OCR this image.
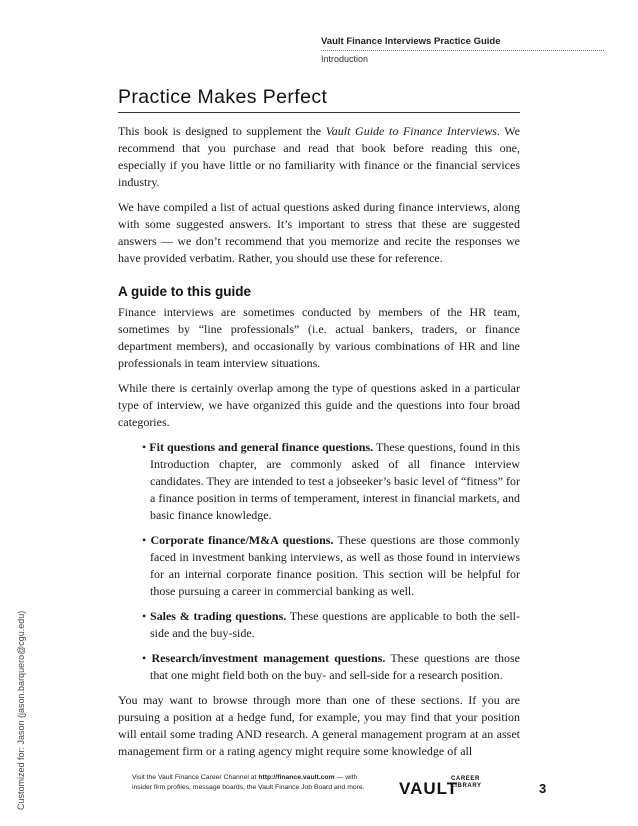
Vault Finance Interviews Practice Guide
Introduction
Customized for: Jason (jason.barquero@cgu.edu)
Practice Makes Perfect

This book is designed to supplement the Vault Guide to Finance Interviews. We recommend that you purchase and read that book before reading this one, especially if you have little or no familiarity with finance or the financial services industry.

We have compiled a list of actual questions asked during finance interviews, along with some suggested answers. It’s important to stress that these are suggested answers — we don’t recommend that you memorize and recite the responses we have provided verbatim. Rather, you should use these for reference.

A guide to this guide

Finance interviews are sometimes conducted by members of the HR team, sometimes by “line professionals” (i.e. actual bankers, traders, or finance department members), and occasionally by various combinations of HR and line professionals in team interview situations.

While there is certainly overlap among the type of questions asked in a particular type of interview, we have organized this guide and the questions into four broad categories.

• Fit questions and general finance questions. These questions, found in this Introduction chapter, are commonly asked of all finance interview candidates. They are intended to test a jobseeker’s basic level of “fitness” for a finance position in terms of temperament, interest in financial markets, and basic finance knowledge.
• Corporate finance/M&A questions. These questions are those commonly faced in investment banking interviews, as well as those found in interviews for an internal corporate finance position. This section will be helpful for those pursuing a career in commercial banking as well.
• Sales & trading questions. These questions are applicable to both the sell-side and the buy-side.
• Research/investment management questions. These questions are those that one might field both on the buy- and sell-side for a research position.

You may want to browse through more than one of these sections. If you are pursuing a position at a hedge fund, for example, you may find that your position will entail some trading AND research. A general management program at an asset management firm or a rating agency might require some knowledge of all

Visit the Vault Finance Career Channel at http://finance.vault.com — with
insider firm profiles, message boards, the Vault Finance Job Board and more.	VAULT
CAREER
LIBRARY	3
